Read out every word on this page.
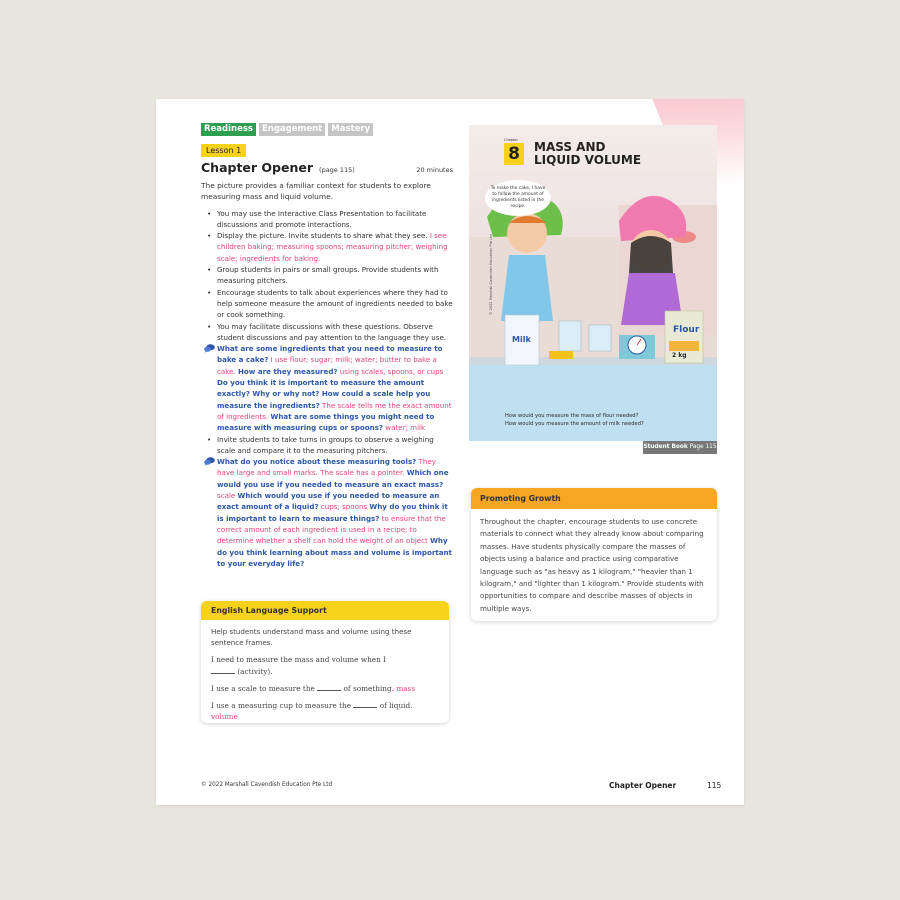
Readiness	Engagement	Mastery
Lesson 1
Chapter Opener (page 115)	20 minutes
The picture provides a familiar context for students to explore measuring mass and liquid volume.
• You may use the Interactive Class Presentation to facilitate discussions and promote interactions.
• Display the picture. Invite students to share what they see. I see children baking; measuring spoons; measuring pitcher; weighing scale; ingredients for baking.
• Group students in pairs or small groups. Provide students with measuring pitchers.
• Encourage students to talk about experiences where they had to help someone measure the amount of ingredients needed to bake or cook something.
• You may facilitate discussions with these questions. Observe student discussions and pay attention to the language they use.
What are some ingredients that you need to measure to bake a cake? I use flour; sugar; milk; water; butter to bake a cake. How are they measured? using scales, spoons, or cups Do you think it is important to measure the amount exactly? Why or why not? How could a scale help you measure the ingredients? The scale tells me the exact amount of ingredients. What are some things you might need to measure with measuring cups or spoons? water; milk
• Invite students to take turns in groups to observe a weighing scale and compare it to the measuring pitchers.
What do you notice about these measuring tools? They have large and small marks. The scale has a pointer. Which one would you use if you needed to measure an exact mass? scale Which would you use if you needed to measure an exact amount of a liquid? cups; spoons Why do you think it is important to learn to measure things? to ensure that the correct amount of each ingredient is used in a recipe; to determine whether a shelf can hold the weight of an object Why do you think learning about mass and volume is important to your everyday life?
English Language Support

Help students understand mass and volume using these sentence frames.

I need to measure the mass and volume when I
(activity).

I use a scale to measure the	of something. mass

I use a measuring cup to measure the	of liquid. volume

Chapter
8	MASS AND
LIQUID VOLUME
To make the cake, I have to follow the amount of ingredients listed in the recipe.
© 2022 Marshall Cavendish Education Pte Ltd
Milk
Flour
2 kg
How would you measure the mass of flour needed?
How would you measure the amount of milk needed?
Student Book Page 115
Promoting Growth
Throughout the chapter, encourage students to use concrete materials to connect what they already know about comparing masses. Have students physically compare the masses of objects using a balance and practice using comparative language such as "as heavy as 1 kilogram," "heavier than 1 kilogram," and "lighter than 1 kilogram." Provide students with opportunities to compare and describe masses of objects in multiple ways.
© 2022 Marshall Cavendish Education Pte Ltd	Chapter Opener	115
